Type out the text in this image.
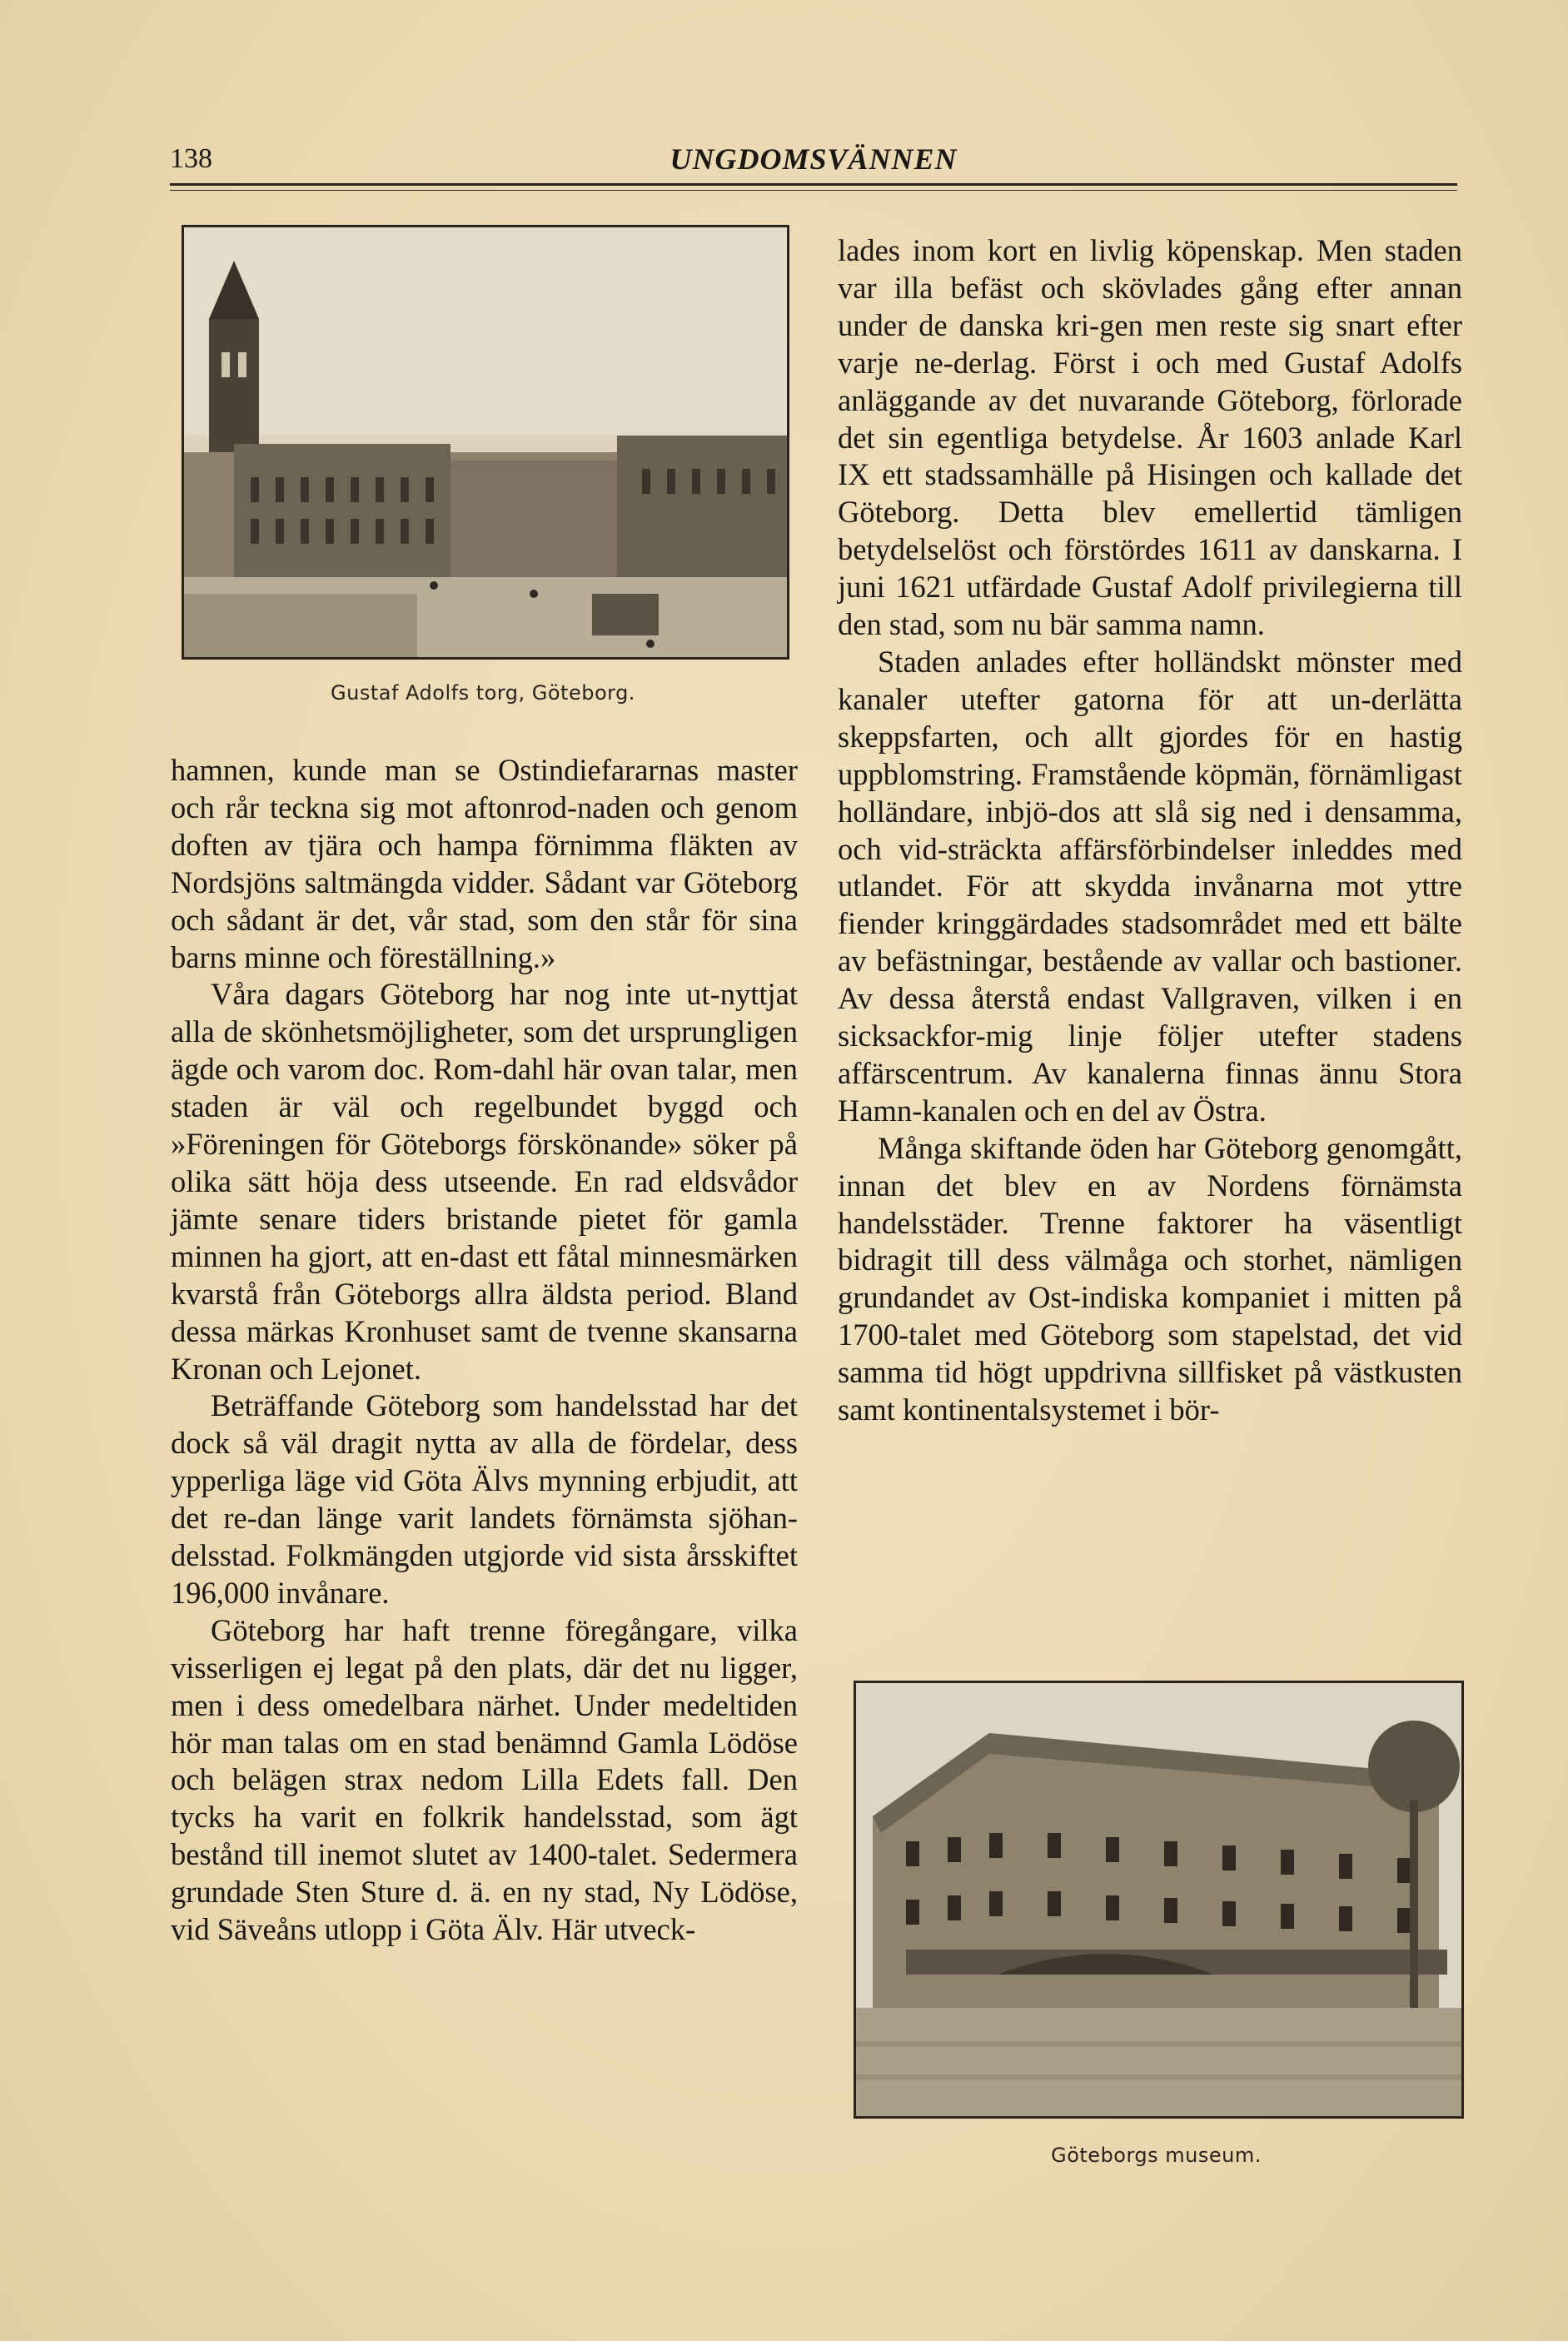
138	UNGDOMSVÄNNEN
Gustaf Adolfs torg, Göteborg.
Göteborgs museum.

hamnen, kunde man se Ostindiefararnas master och rår teckna sig mot aftonrod-naden och genom doften av tjära och hampa förnimma fläkten av Nordsjöns saltmängda vidder. Sådant var Göteborg och sådant är det, vår stad, som den står för sina barns minne och föreställning.»

Våra dagars Göteborg har nog inte ut-nyttjat alla de skönhetsmöjligheter, som det ursprungligen ägde och varom doc. Rom-dahl här ovan talar, men staden är väl och regelbundet byggd och »Föreningen för Göteborgs förskönande» söker på olika sätt höja dess utseende. En rad eldsvådor jämte senare tiders bristande pietet för gamla minnen ha gjort, att en-dast ett fåtal minnesmärken kvarstå från Göteborgs allra äldsta period. Bland dessa märkas Kronhuset samt de tvenne skansarna Kronan och Lejonet.

Beträffande Göteborg som handelsstad har det dock så väl dragit nytta av alla de fördelar, dess ypperliga läge vid Göta Älvs mynning erbjudit, att det re-dan länge varit landets förnämsta sjöhan-delsstad. Folkmängden utgjorde vid sista årsskiftet 196,000 invånare.

Göteborg har haft trenne föregångare, vilka visserligen ej legat på den plats, där det nu ligger, men i dess omedelbara närhet. Under medeltiden hör man talas om en stad benämnd Gamla Lödöse och belägen strax nedom Lilla Edets fall. Den tycks ha varit en folkrik handelsstad, som ägt bestånd till inemot slutet av 1400-talet. Sedermera grundade Sten Sture d. ä. en ny stad, Ny Lödöse, vid Säveåns utlopp i Göta Älv. Här utveck-

lades inom kort en livlig köpenskap. Men staden var illa befäst och skövlades gång efter annan under de danska kri-gen men reste sig snart efter varje ne-derlag. Först i och med Gustaf Adolfs anläggande av det nuvarande Göteborg, förlorade det sin egentliga betydelse. År 1603 anlade Karl IX ett stadssamhälle på Hisingen och kallade det Göteborg. Detta blev emellertid tämligen betydelselöst och förstördes 1611 av danskarna. I juni 1621 utfärdade Gustaf Adolf privilegierna till den stad, som nu bär samma namn.

Staden anlades efter holländskt mönster med kanaler utefter gatorna för att un-derlätta skeppsfarten, och allt gjordes för en hastig uppblomstring. Framstående köpmän, förnämligast holländare, inbjö-dos att slå sig ned i densamma, och vid-sträckta affärsförbindelser inleddes med utlandet. För att skydda invånarna mot yttre fiender kringgärdades stadsområdet med ett bälte av befästningar, bestående av vallar och bastioner. Av dessa återstå endast Vallgraven, vilken i en sicksackfor-mig linje följer utefter stadens affärscentrum. Av kanalerna finnas ännu Stora Hamn-kanalen och en del av Östra.

Många skiftande öden har Göteborg genomgått, innan det blev en av Nordens förnämsta handelsstäder. Trenne faktorer ha väsentligt bidragit till dess välmåga och storhet, nämligen grundandet av Ost-indiska kompaniet i mitten på 1700-talet med Göteborg som stapelstad, det vid samma tid högt uppdrivna sillfisket på västkusten samt kontinentalsystemet i bör-
